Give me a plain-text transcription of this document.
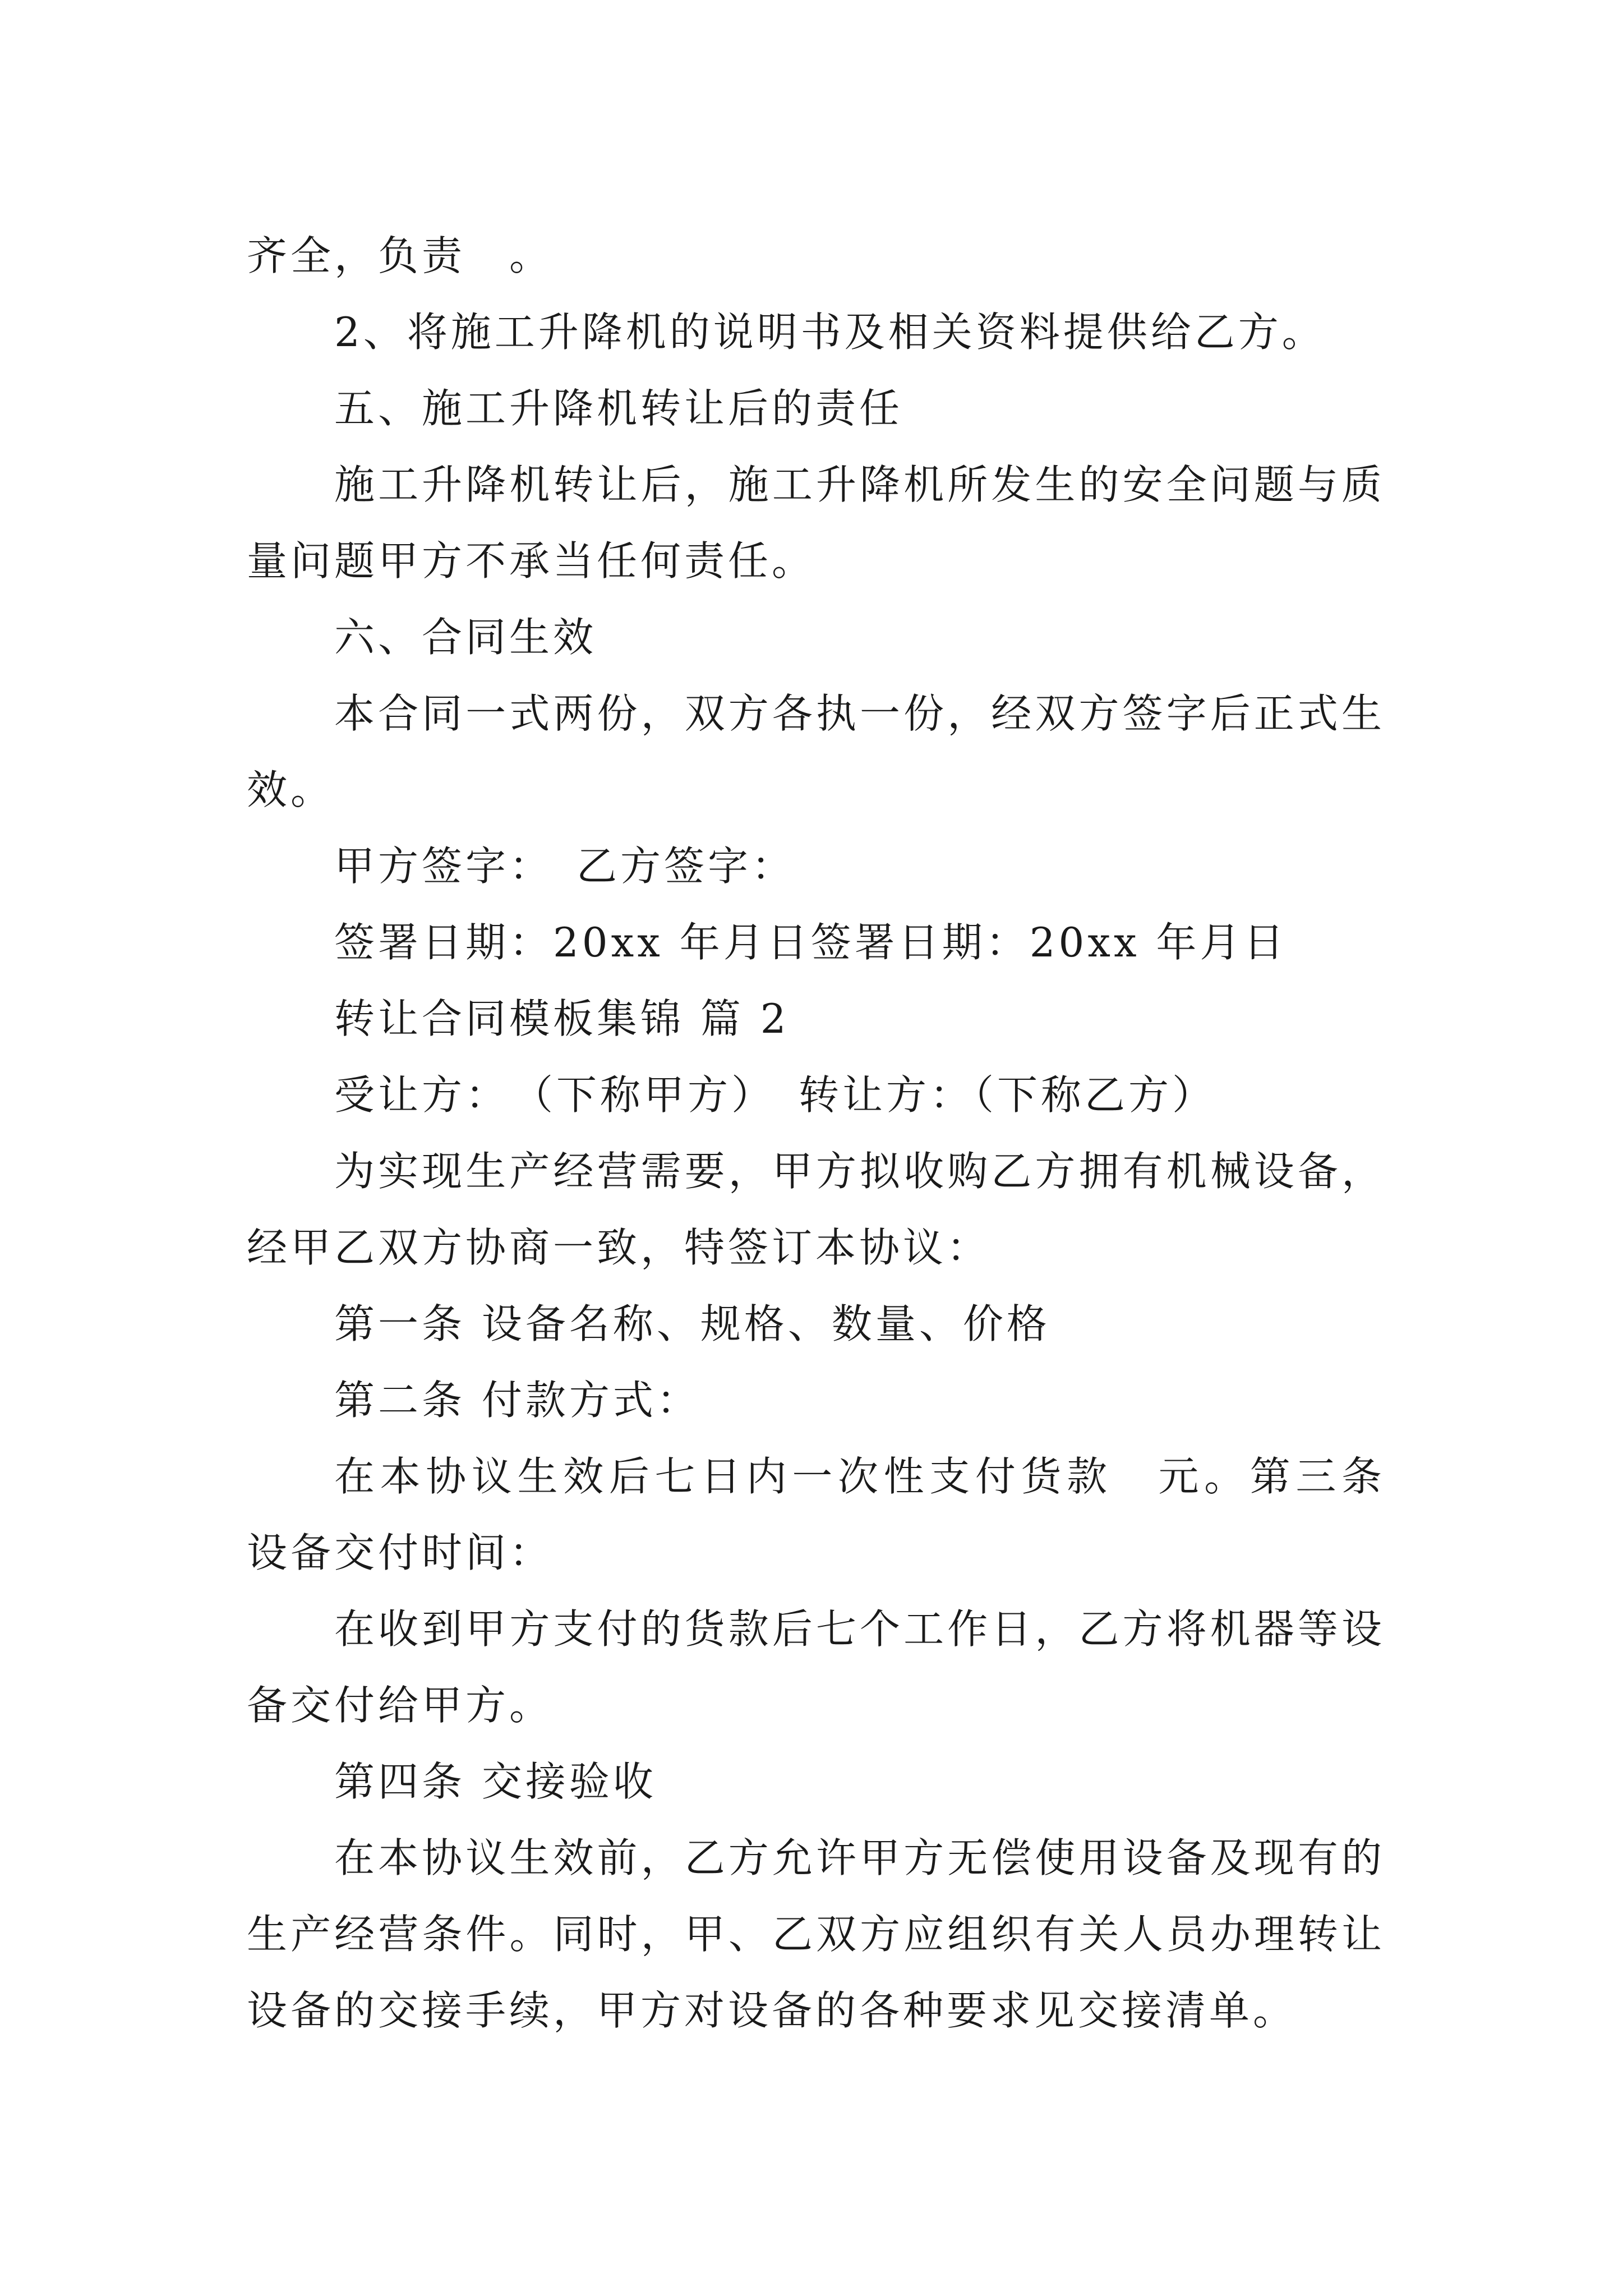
齐全，负责　。

2、将施工升降机的说明书及相关资料提供给乙方。

五、施工升降机转让后的责任

施工升降机转让后，施工升降机所发生的安全问题与质量问题甲方不承当任何责任。

六、合同生效

本合同一式两份，双方各执一份，经双方签字后正式生效。

甲方签字：　乙方签字：

签署日期：20xx 年月日签署日期：20xx 年月日

转让合同模板集锦 篇 2

受让方：　（下称甲方）　转让方：（下称乙方）

为实现生产经营需要，甲方拟收购乙方拥有机械设备，经甲乙双方协商一致，特签订本协议：

第一条 设备名称、规格、数量、价格

第二条 付款方式：

在本协议生效后七日内一次性支付货款　元。第三条 设备交付时间：

在收到甲方支付的货款后七个工作日，乙方将机器等设备交付给甲方。

第四条 交接验收

在本协议生效前，乙方允许甲方无偿使用设备及现有的生产经营条件。同时，甲、乙双方应组织有关人员办理转让设备的交接手续，甲方对设备的各种要求见交接清单。
